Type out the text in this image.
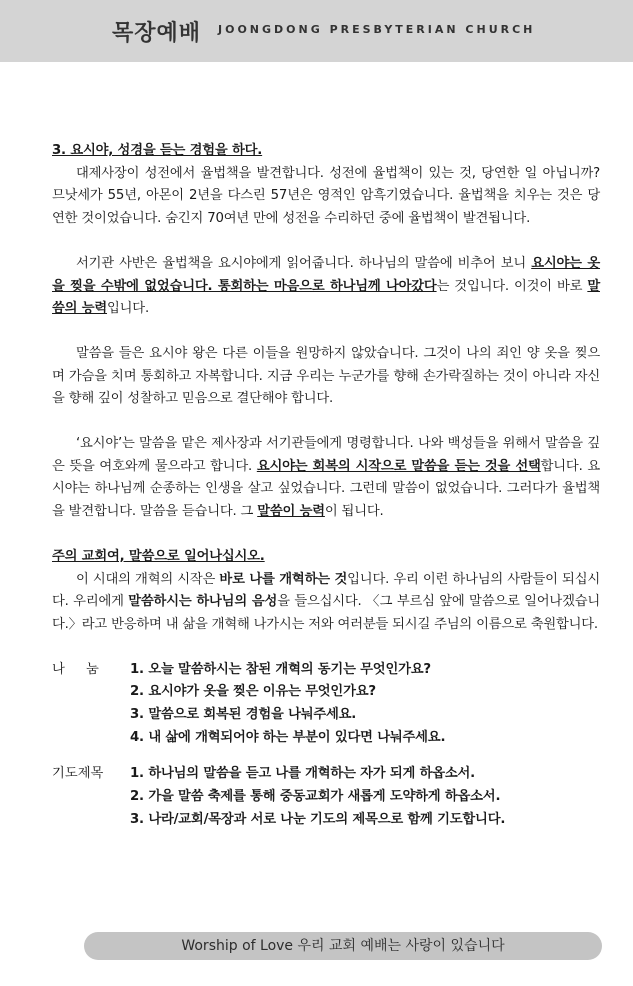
목장예배 JOONGDONG PRESBYTERIAN CHURCH
3. 요시야, 성경을 듣는 경험을 하다.

대제사장이 성전에서 율법책을 발견합니다. 성전에 율법책이 있는 것, 당연한 일 아닙니까? 므낫세가 55년, 아몬이 2년을 다스린 57년은 영적인 암흑기였습니다. 율법책을 치우는 것은 당연한 것이었습니다. 숨긴지 70여년 만에 성전을 수리하던 중에 율법책이 발견됩니다.

서기관 사반은 율법책을 요시야에게 읽어줍니다. 하나님의 말씀에 비추어 보니 요시야는 옷을 찢을 수밖에 없었습니다. 통회하는 마음으로 하나님께 나아갔다는 것입니다. 이것이 바로 말씀의 능력입니다.

말씀을 들은 요시야 왕은 다른 이들을 원망하지 않았습니다. 그것이 나의 죄인 양 옷을 찢으며 가슴을 치며 통회하고 자복합니다. 지금 우리는 누군가를 향해 손가락질하는 것이 아니라 자신을 향해 깊이 성찰하고 믿음으로 결단해야 합니다.

‘요시야’는 말씀을 맡은 제사장과 서기관들에게 명령합니다. 나와 백성들을 위해서 말씀을 깊은 뜻을 여호와께 물으라고 합니다. 요시야는 회복의 시작으로 말씀을 듣는 것을 선택합니다. 요시야는 하나님께 순종하는 인생을 살고 싶었습니다. 그런데 말씀이 없었습니다. 그러다가 율법책을 발견합니다. 말씀을 듣습니다. 그 말씀이 능력이 됩니다.

주의 교회여, 말씀으로 일어나십시오.

이 시대의 개혁의 시작은 바로 나를 개혁하는 것입니다. 우리 이런 하나님의 사람들이 되십시다. 우리에게 말씀하시는 하나님의 음성을 들으십시다. 〈그 부르심 앞에 말씀으로 일어나겠습니다.〉라고 반응하며 내 삶을 개혁해 나가시는 저와 여러분들 되시길 주님의 이름으로 축원합니다.

나     눔	1. 오늘 말씀하시는 참된 개혁의 동기는 무엇인가요?
2. 요시야가 옷을 찢은 이유는 무엇인가요?
3. 말씀으로 회복된 경험을 나눠주세요.
4. 내 삶에 개혁되어야 하는 부분이 있다면 나눠주세요.
기도제목	1. 하나님의 말씀을 듣고 나를 개혁하는 자가 되게 하옵소서.
2. 가을 말씀 축제를 통해 중동교회가 새롭게 도약하게 하옵소서.
3. 나라/교회/목장과 서로 나눈 기도의 제목으로 함께 기도합니다.
Worship of Love 우리 교회 예배는 사랑이 있습니다
